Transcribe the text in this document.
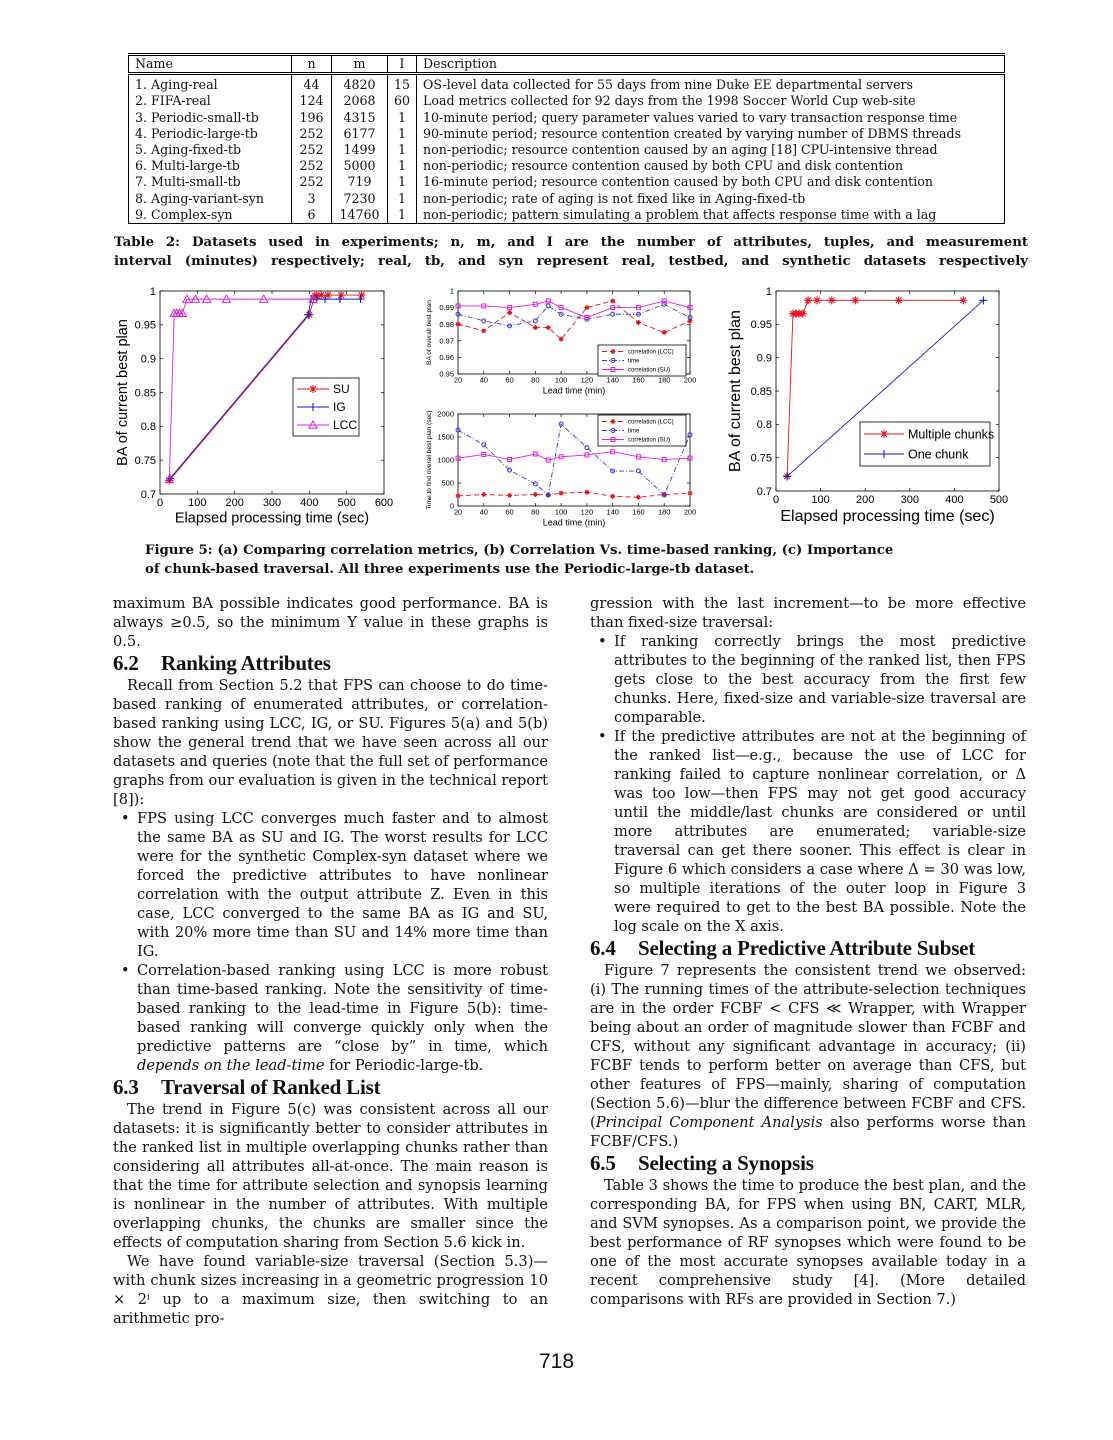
Name	n	m	I	Description
1. Aging-real	44	4820	15	OS-level data collected for 55 days from nine Duke EE departmental servers
2. FIFA-real	124	2068	60	Load metrics collected for 92 days from the 1998 Soccer World Cup web-site
3. Periodic-small-tb	196	4315	1	10-minute period; query parameter values varied to vary transaction response time
4. Periodic-large-tb	252	6177	1	90-minute period; resource contention created by varying number of DBMS threads
5. Aging-fixed-tb	252	1499	1	non-periodic; resource contention caused by an aging [18] CPU-intensive thread
6. Multi-large-tb	252	5000	1	non-periodic; resource contention caused by both CPU and disk contention
7. Multi-small-tb	252	719	1	16-minute period; resource contention caused by both CPU and disk contention
8. Aging-variant-syn	3	7230	1	non-periodic; rate of aging is not fixed like in Aging-fixed-tb
9. Complex-syn	6	14760	1	non-periodic; pattern simulating a problem that affects response time with a lag
Table 2: Datasets used in experiments; n, m, and I are the number of attributes, tuples, and measurement
interval (minutes) respectively; real, tb, and syn represent real, testbed, and synthetic datasets respectively
0 100 200 300 400 500 600
0.7
0.75
0.8
0.85
0.9
0.95
1
Elapsed processing time (sec)
BA of current best plan	SU
IG
LCC
20 40 60 80 100 120 140 160 180 200
0.95
0.96
0.97
0.98
0.99
1
Lead time (min)
BA of overall best plan	correlation (LCC)
time
correlation (SU)
20 40 60 80 100 120 140 160 180 200
0
500
1000
1500
2000
Lead time (min)
Time to find overall best plan (sec)	correlation (LCC)
time
correlation (SU)
0	100 200 300 400 500
0.7
0.75
0.8
0.85
0.9
0.95
1
Elapsed processing time (sec)
BA of current best plan	Multiple chunks
One chunk
Figure 5: (a) Comparing correlation metrics, (b) Correlation Vs. time-based ranking, (c) Importance
of chunk-based traversal. All three experiments use the Periodic-large-tb dataset.

maximum BA possible indicates good performance. BA is always ≥0.5, so the minimum Y value in these graphs is 0.5.

6.2 Ranking Attributes

Recall from Section 5.2 that FPS can choose to do time-based ranking of enumerated attributes, or correlation-based ranking using LCC, IG, or SU. Figures 5(a) and 5(b) show the general trend that we have seen across all our datasets and queries (note that the full set of performance graphs from our evaluation is given in the technical report [8]):

• FPS using LCC converges much faster and to almost the same BA as SU and IG. The worst results for LCC were for the synthetic Complex-syn dataset where we forced the predictive attributes to have nonlinear correlation with the output attribute Z. Even in this case, LCC converged to the same BA as IG and SU, with 20% more time than SU and 14% more time than IG.
• Correlation-based ranking using LCC is more robust than time-based ranking. Note the sensitivity of time-based ranking to the lead-time in Figure 5(b): time-based ranking will converge quickly only when the predictive patterns are “close by” in time, which depends on the lead-time for Periodic-large-tb.
6.3 Traversal of Ranked List

The trend in Figure 5(c) was consistent across all our datasets: it is significantly better to consider attributes in the ranked list in multiple overlapping chunks rather than considering all attributes all-at-once. The main reason is that the time for attribute selection and synopsis learning is nonlinear in the number of attributes. With multiple overlapping chunks, the chunks are smaller since the effects of computation sharing from Section 5.6 kick in.

We have found variable-size traversal (Section 5.3)—with chunk sizes increasing in a geometric progression 10 × 2ⁱ up to a maximum size, then switching to an arithmetic pro-

gression with the last increment—to be more effective than fixed-size traversal:

• If ranking correctly brings the most predictive attributes to the beginning of the ranked list, then FPS gets close to the best accuracy from the first few chunks. Here, fixed-size and variable-size traversal are comparable.
• If the predictive attributes are not at the beginning of the ranked list—e.g., because the use of LCC for ranking failed to capture nonlinear correlation, or Δ was too low—then FPS may not get good accuracy until the middle/last chunks are considered or until more attributes are enumerated; variable-size traversal can get there sooner. This effect is clear in Figure 6 which considers a case where Δ = 30 was low, so multiple iterations of the outer loop in Figure 3 were required to get to the best BA possible. Note the log scale on the X axis.
6.4 Selecting a Predictive Attribute Subset

Figure 7 represents the consistent trend we observed: (i) The running times of the attribute-selection techniques are in the order FCBF < CFS ≪ Wrapper, with Wrapper being about an order of magnitude slower than FCBF and CFS, without any significant advantage in accuracy; (ii) FCBF tends to perform better on average than CFS, but other features of FPS—mainly, sharing of computation (Section 5.6)—blur the difference between FCBF and CFS. (Principal Component Analysis also performs worse than FCBF/CFS.)

6.5 Selecting a Synopsis

Table 3 shows the time to produce the best plan, and the corresponding BA, for FPS when using BN, CART, MLR, and SVM synopses. As a comparison point, we provide the best performance of RF synopses which were found to be one of the most accurate synopses available today in a recent comprehensive study [4]. (More detailed comparisons with RFs are provided in Section 7.)

718
